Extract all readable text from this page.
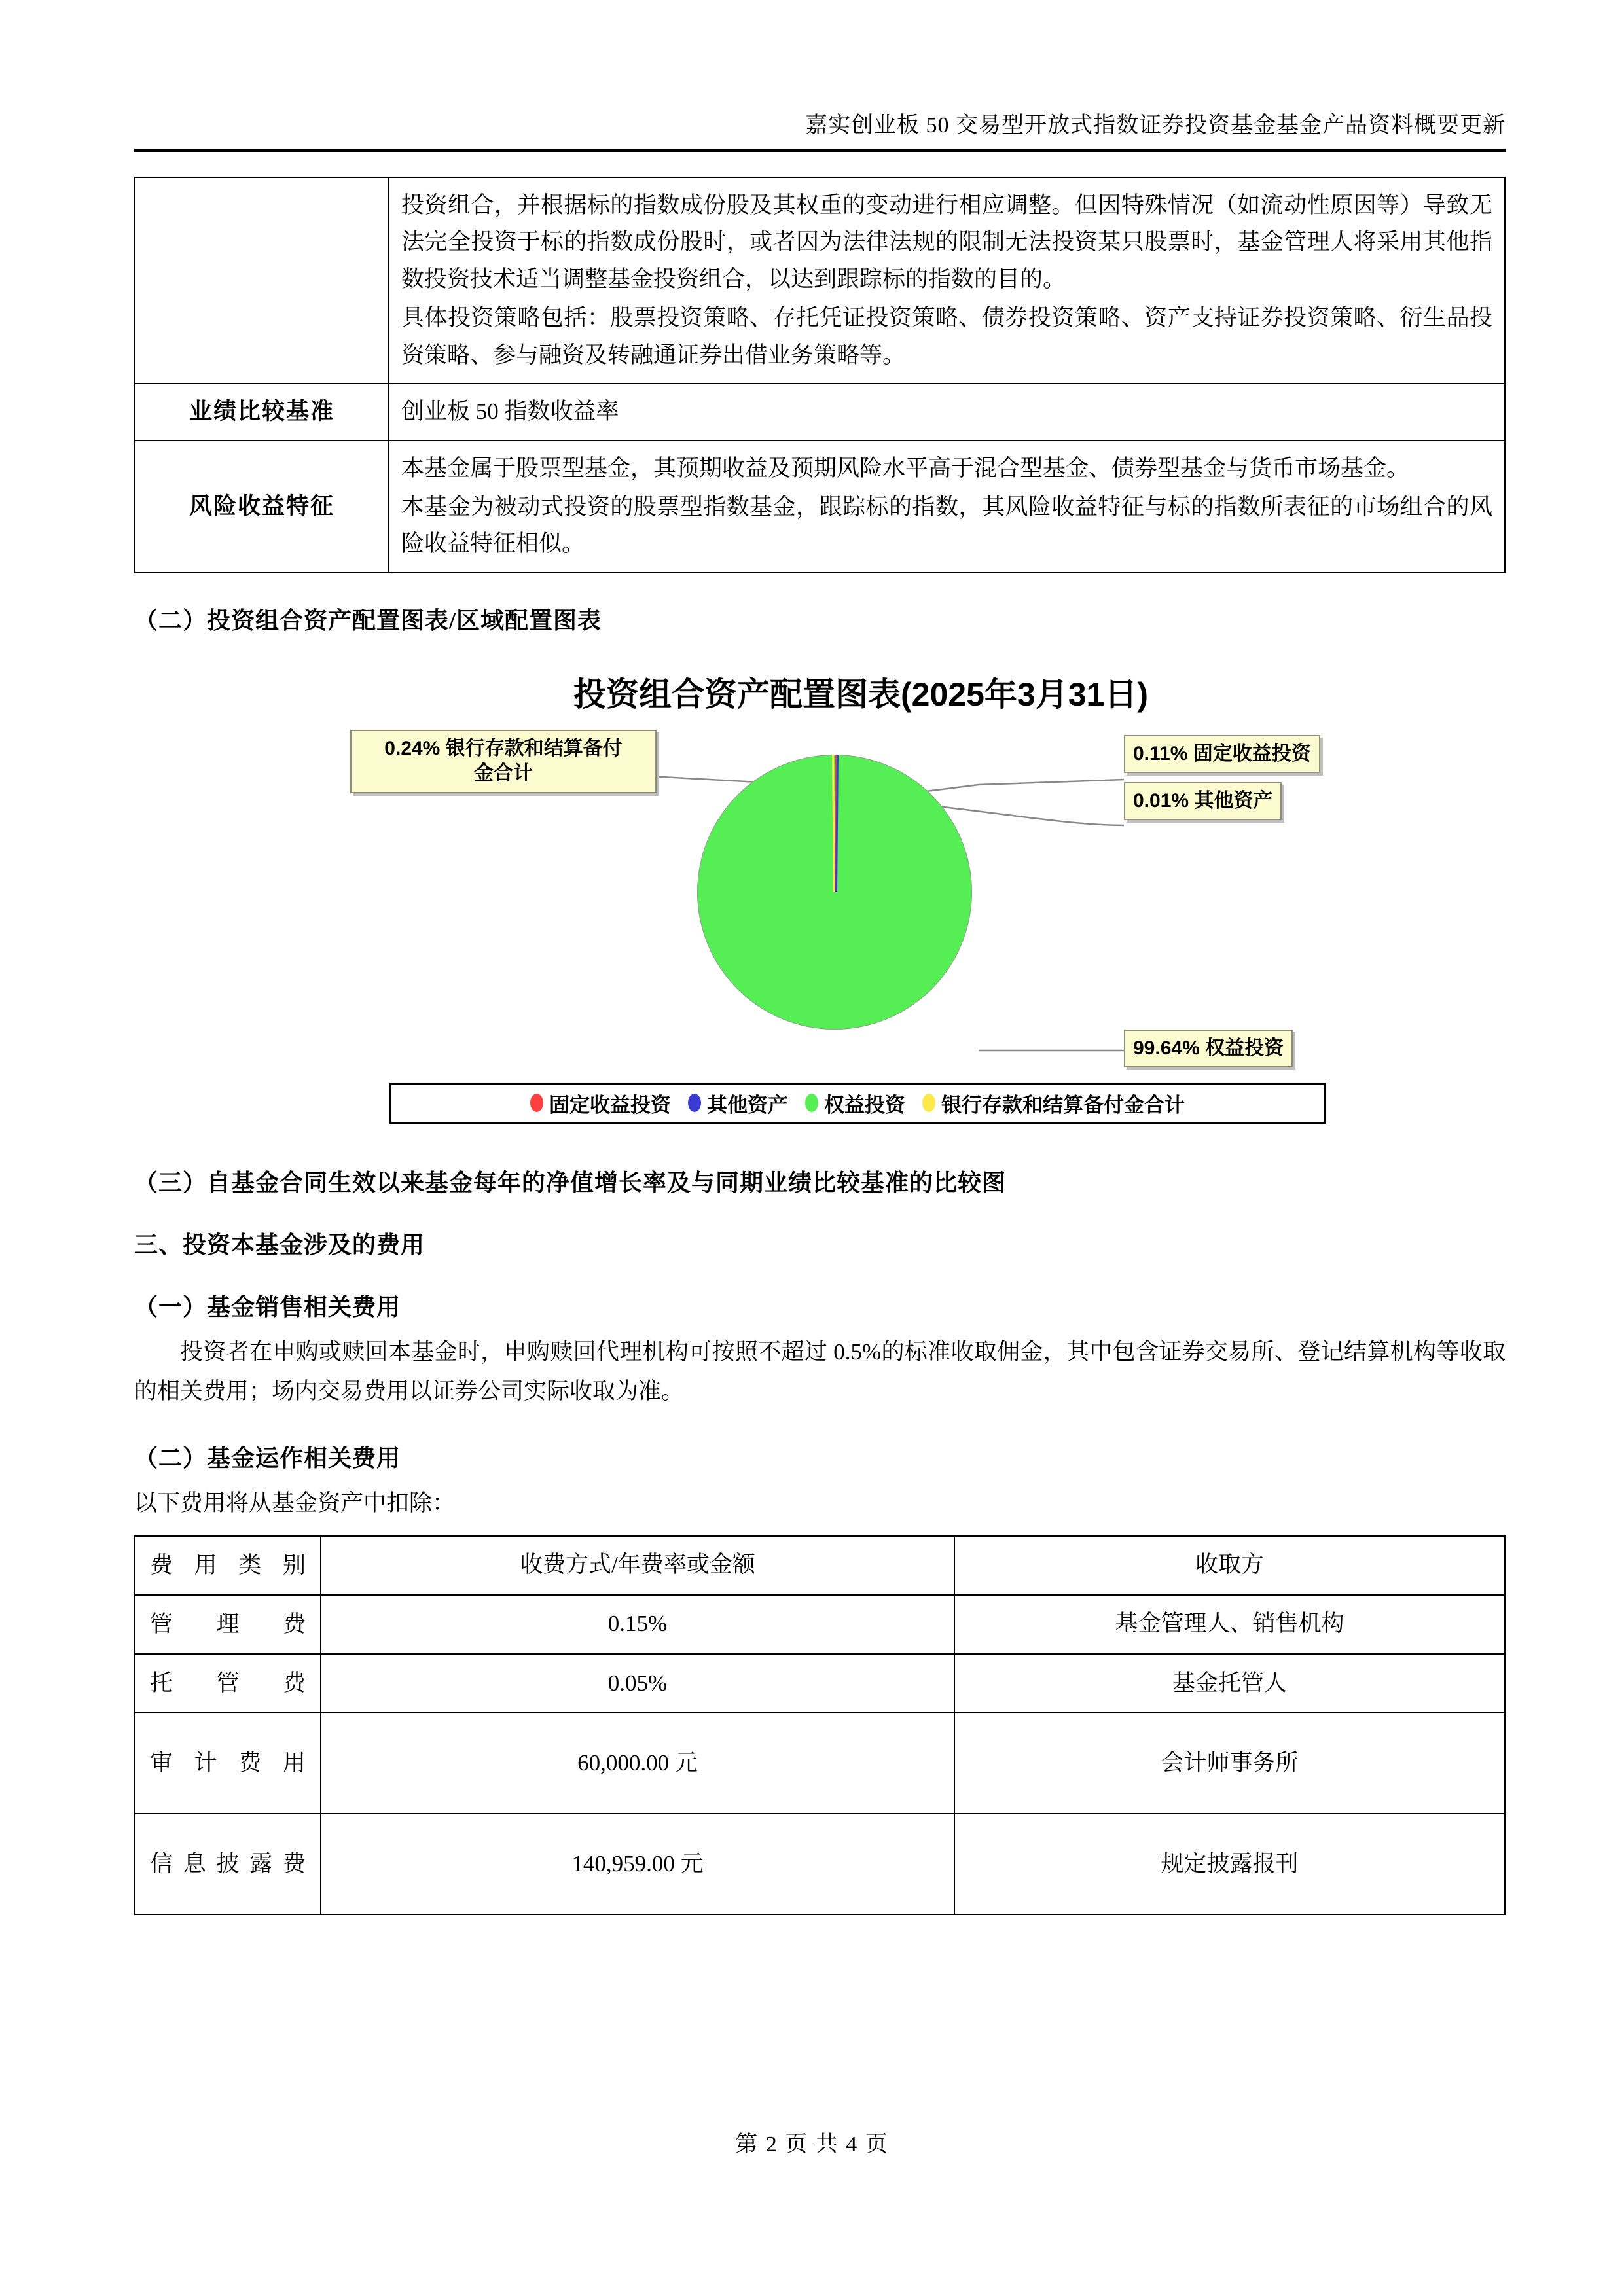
嘉实创业板 50 交易型开放式指数证券投资基金基金产品资料概要更新

	投资组合，并根据标的指数成份股及其权重的变动进行相应调整。但因特殊情况（如流动性原因等）导致无法完全投资于标的指数成份股时，或者因为法律法规的限制无法投资某只股票时，基金管理人将采用其他指数投资技术适当调整基金投资组合，以达到跟踪标的指数的目的。

具体投资策略包括：股票投资策略、存托凭证投资策略、债券投资策略、资产支持证券投资策略、衍生品投资策略、参与融资及转融通证券出借业务策略等。

业绩比较基准	创业板 50 指数收益率

风险收益特征	本基金属于股票型基金，其预期收益及预期风险水平高于混合型基金、债券型基金与货币市场基金。

本基金为被动式投资的股票型指数基金，跟踪标的指数，其风险收益特征与标的指数所表征的市场组合的风险收益特征相似。

（二）投资组合资产配置图表/区域配置图表

投资组合资产配置图表(2025年3月31日)

0.24% 银行存款和结算备付
金合计
0.11% 固定收益投资
0.01% 其他资产
99.64% 权益投资
固定收益投资 其他资产 权益投资 银行存款和结算备付金合计

（三）自基金合同生效以来基金每年的净值增长率及与同期业绩比较基准的比较图

三、投资本基金涉及的费用

（一）基金销售相关费用

投资者在申购或赎回本基金时，申购赎回代理机构可按照不超过 0.5%的标准收取佣金，其中包含证券交易所、登记结算机构等收取的相关费用；场内交易费用以证券公司实际收取为准。

（二）基金运作相关费用

以下费用将从基金资产中扣除：

费用类别	收费方式/年费率或金额	收取方
管理费	0.15%	基金管理人、销售机构
托管费	0.05%	基金托管人
审计费用	60,000.00 元	会计师事务所
信息披露费	140,959.00 元	规定披露报刊
第 2 页 共 4 页
